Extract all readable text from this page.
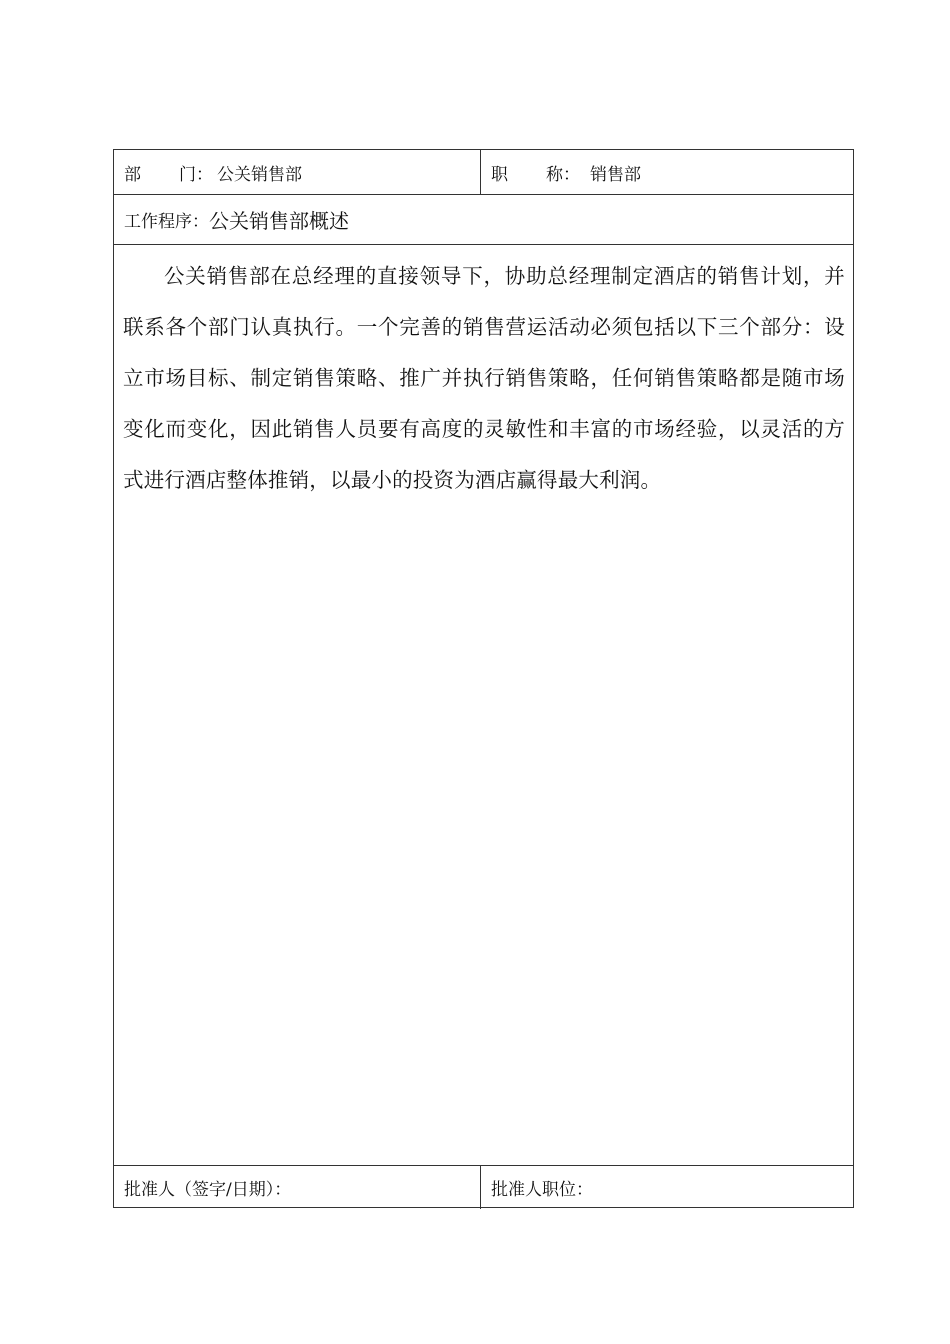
部 门： 公关销售部	职 称： 销售部
工作程序： 公关销售部概述

公关销售部在总经理的直接领导下，协助总经理制定酒店的销售计划，并联系各个部门认真执行。一个完善的销售营运活动必须包括以下三个部分：设立市场目标、制定销售策略、推广并执行销售策略，任何销售策略都是随市场变化而变化，因此销售人员要有高度的灵敏性和丰富的市场经验，以灵活的方式进行酒店整体推销，以最小的投资为酒店赢得最大利润。

批准人（签字/日期）：	批准人职位：
